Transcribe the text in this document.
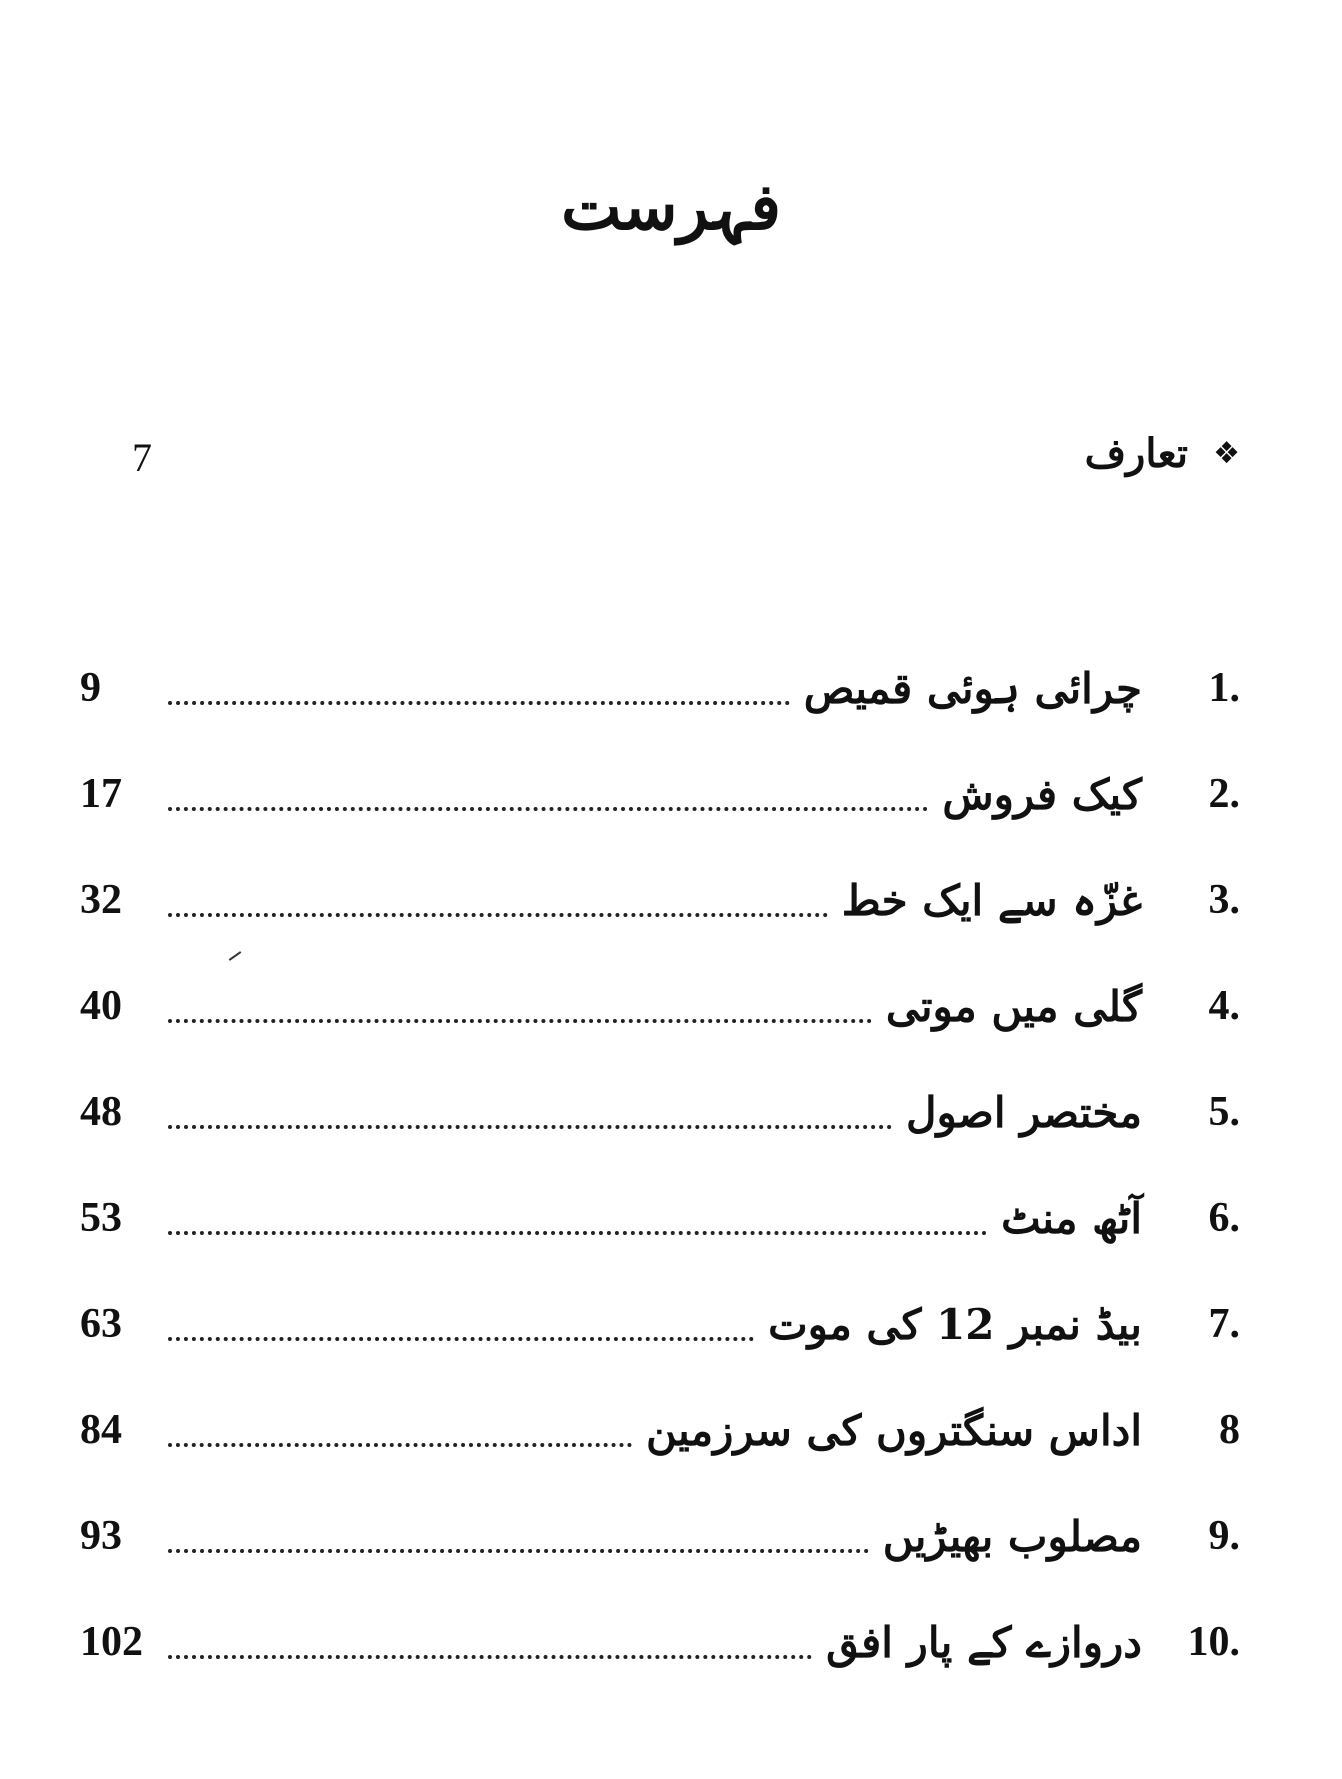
فہرست
❖
تعارف
7
1.
چرائی ہوئی قمیص
9
2.
کیک فروش
17
3.
غزّہ سے ایک خط
32
4.
گلی میں موتی
40
5.
مختصر اصول
48
6.
آٹھ منٹ
53
7.
بیڈ نمبر 12 کی موت
63
8
اداس سنگتروں کی سرزمین
84
9.
مصلوب بھیڑیں
93
10.
دروازے کے پار افق
102
